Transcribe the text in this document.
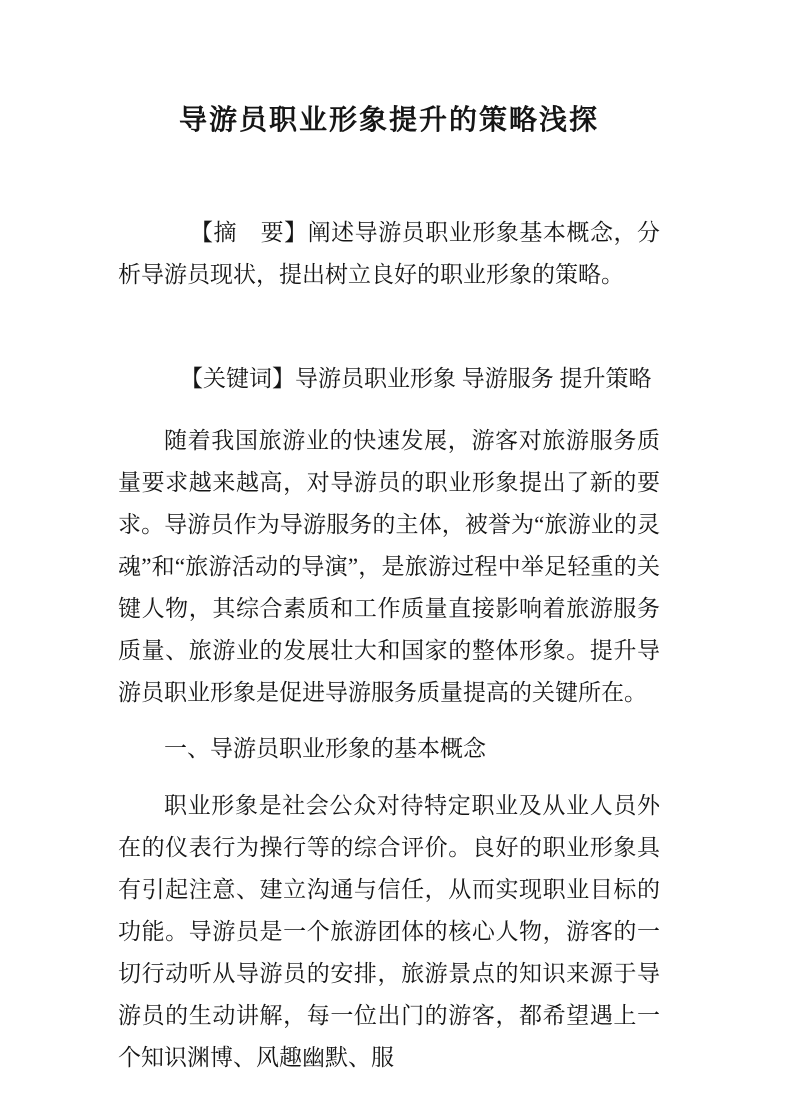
导游员职业形象提升的策略浅探

【摘　要】阐述导游员职业形象基本概念，分析导游员现状，提出树立良好的职业形象的策略。

【关键词】导游员职业形象 导游服务 提升策略

随着我国旅游业的快速发展，游客对旅游服务质量要求越来越高，对导游员的职业形象提出了新的要求。导游员作为导游服务的主体，被誉为“旅游业的灵魂”和“旅游活动的导演”，是旅游过程中举足轻重的关键人物，其综合素质和工作质量直接影响着旅游服务质量、旅游业的发展壮大和国家的整体形象。提升导游员职业形象是促进导游服务质量提高的关键所在。

一、导游员职业形象的基本概念

职业形象是社会公众对待特定职业及从业人员外在的仪表行为操行等的综合评价。良好的职业形象具有引起注意、建立沟通与信任，从而实现职业目标的功能。导游员是一个旅游团体的核心人物，游客的一切行动听从导游员的安排，旅游景点的知识来源于导游员的生动讲解，每一位出门的游客，都希望遇上一个知识渊博、风趣幽默、服
